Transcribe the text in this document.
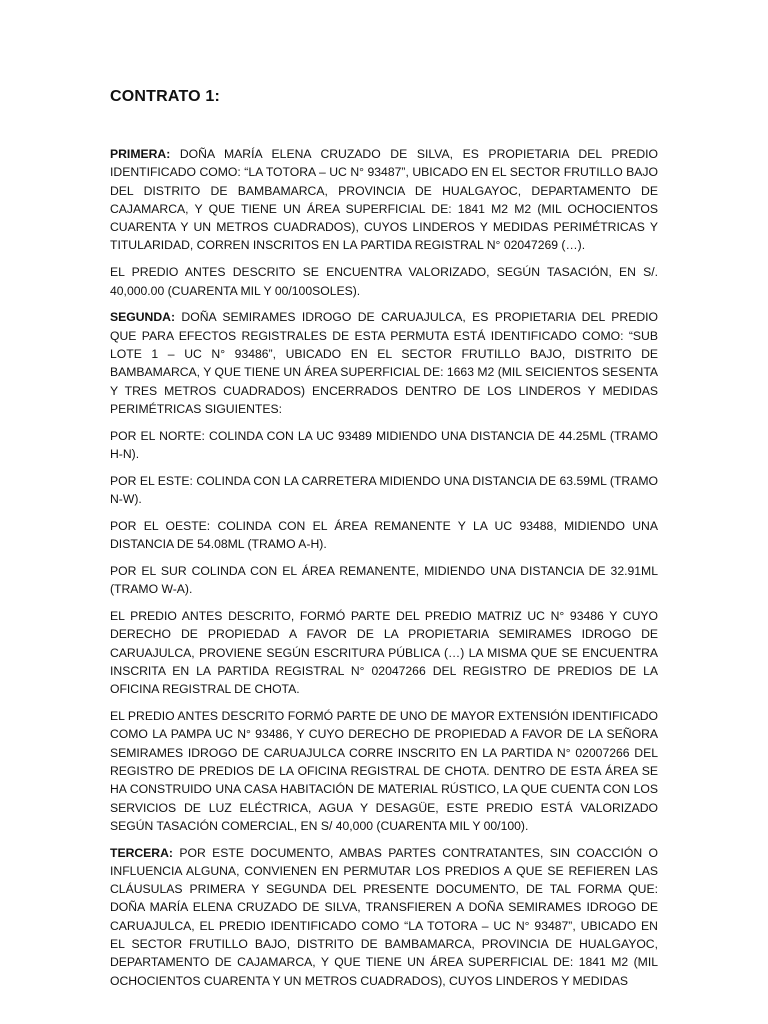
CONTRATO 1:

PRIMERA: DOÑA MARÍA ELENA CRUZADO DE SILVA, ES PROPIETARIA DEL PREDIO IDENTIFICADO COMO: “LA TOTORA – UC N° 93487”, UBICADO EN EL SECTOR FRUTILLO BAJO DEL DISTRITO DE BAMBAMARCA, PROVINCIA DE HUALGAYOC, DEPARTAMENTO DE CAJAMARCA, Y QUE TIENE UN ÁREA SUPERFICIAL DE: 1841 M2 M2 (MIL OCHOCIENTOS CUARENTA Y UN METROS CUADRADOS), CUYOS LINDEROS Y MEDIDAS PERIMÉTRICAS Y TITULARIDAD, CORREN INSCRITOS EN LA PARTIDA REGISTRAL N° 02047269 (…).

EL PREDIO ANTES DESCRITO SE ENCUENTRA VALORIZADO, SEGÚN TASACIÓN, EN S/. 40,000.00 (CUARENTA MIL Y 00/100SOLES).

SEGUNDA: DOÑA SEMIRAMES IDROGO DE CARUAJULCA, ES PROPIETARIA DEL PREDIO QUE PARA EFECTOS REGISTRALES DE ESTA PERMUTA ESTÁ IDENTIFICADO COMO: “SUB LOTE 1 – UC N° 93486”, UBICADO EN EL SECTOR FRUTILLO BAJO, DISTRITO DE BAMBAMARCA, Y QUE TIENE UN ÁREA SUPERFICIAL DE: 1663 M2 (MIL SEICIENTOS SESENTA Y TRES METROS CUADRADOS) ENCERRADOS DENTRO DE LOS LINDEROS Y MEDIDAS PERIMÉTRICAS SIGUIENTES:

POR EL NORTE: COLINDA CON LA UC 93489 MIDIENDO UNA DISTANCIA DE 44.25ML (TRAMO H-N).

POR EL ESTE: COLINDA CON LA CARRETERA MIDIENDO UNA DISTANCIA DE 63.59ML (TRAMO N-W).

POR EL OESTE: COLINDA CON EL ÁREA REMANENTE Y LA UC 93488, MIDIENDO UNA DISTANCIA DE 54.08ML (TRAMO A-H).

POR EL SUR COLINDA CON EL ÁREA REMANENTE, MIDIENDO UNA DISTANCIA DE 32.91ML (TRAMO W-A).

EL PREDIO ANTES DESCRITO, FORMÓ PARTE DEL PREDIO MATRIZ UC N° 93486 Y CUYO DERECHO DE PROPIEDAD A FAVOR DE LA PROPIETARIA SEMIRAMES IDROGO DE CARUAJULCA, PROVIENE SEGÚN ESCRITURA PÚBLICA (…) LA MISMA QUE SE ENCUENTRA INSCRITA EN LA PARTIDA REGISTRAL N° 02047266 DEL REGISTRO DE PREDIOS DE LA OFICINA REGISTRAL DE CHOTA.

EL PREDIO ANTES DESCRITO FORMÓ PARTE DE UNO DE MAYOR EXTENSIÓN IDENTIFICADO COMO LA PAMPA UC N° 93486, Y CUYO DERECHO DE PROPIEDAD A FAVOR DE LA SEÑORA SEMIRAMES IDROGO DE CARUAJULCA CORRE INSCRITO EN LA PARTIDA N° 02007266 DEL REGISTRO DE PREDIOS DE LA OFICINA REGISTRAL DE CHOTA. DENTRO DE ESTA ÁREA SE HA CONSTRUIDO UNA CASA HABITACIÓN DE MATERIAL RÚSTICO, LA QUE CUENTA CON LOS SERVICIOS DE LUZ ELÉCTRICA, AGUA Y DESAGÜE, ESTE PREDIO ESTÁ VALORIZADO SEGÚN TASACIÓN COMERCIAL, EN S/ 40,000 (CUARENTA MIL Y 00/100).

TERCERA: POR ESTE DOCUMENTO, AMBAS PARTES CONTRATANTES, SIN COACCIÓN O INFLUENCIA ALGUNA, CONVIENEN EN PERMUTAR LOS PREDIOS A QUE SE REFIEREN LAS CLÁUSULAS PRIMERA Y SEGUNDA DEL PRESENTE DOCUMENTO, DE TAL FORMA QUE: DOÑA MARÍA ELENA CRUZADO DE SILVA, TRANSFIEREN A DOÑA SEMIRAMES IDROGO DE CARUAJULCA, EL PREDIO IDENTIFICADO COMO “LA TOTORA – UC N° 93487”, UBICADO EN EL SECTOR FRUTILLO BAJO, DISTRITO DE BAMBAMARCA, PROVINCIA DE HUALGAYOC, DEPARTAMENTO DE CAJAMARCA, Y QUE TIENE UN ÁREA SUPERFICIAL DE: 1841 M2 (MIL OCHOCIENTOS CUARENTA Y UN METROS CUADRADOS), CUYOS LINDEROS Y MEDIDAS
